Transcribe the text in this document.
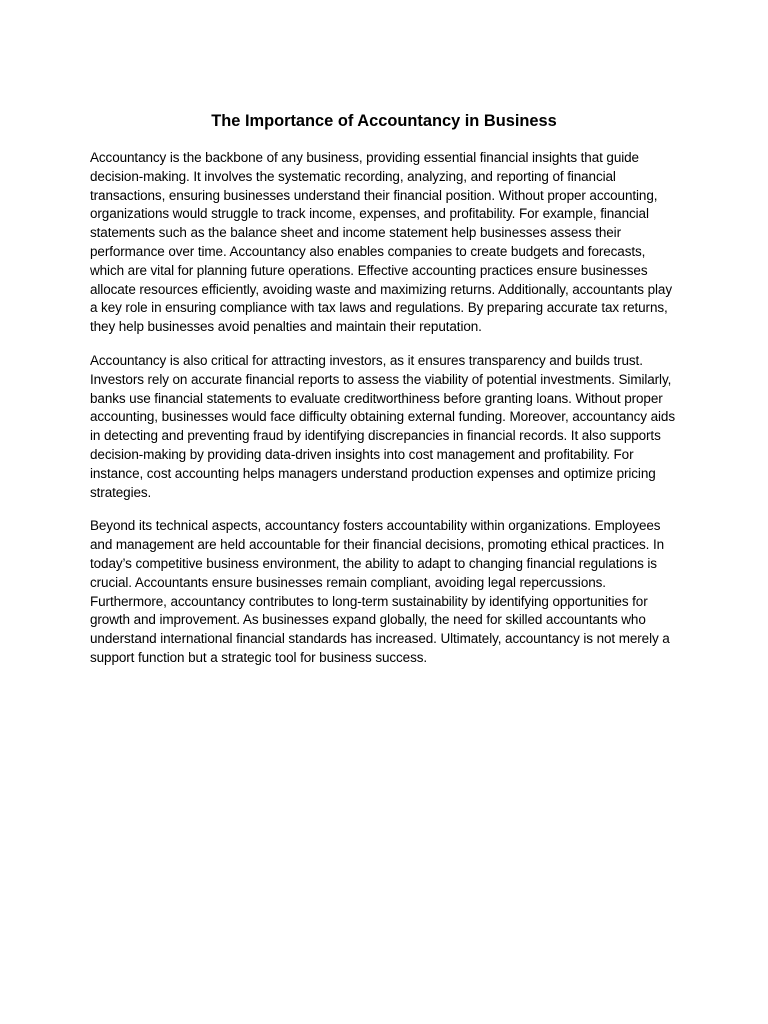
The Importance of Accountancy in Business

Accountancy is the backbone of any business, providing essential financial insights that guide decision-making. It involves the systematic recording, analyzing, and reporting of financial transactions, ensuring businesses understand their financial position. Without proper accounting, organizations would struggle to track income, expenses, and profitability. For example, financial statements such as the balance sheet and income statement help businesses assess their performance over time. Accountancy also enables companies to create budgets and forecasts, which are vital for planning future operations. Effective accounting practices ensure businesses allocate resources efficiently, avoiding waste and maximizing returns. Additionally, accountants play a key role in ensuring compliance with tax laws and regulations. By preparing accurate tax returns, they help businesses avoid penalties and maintain their reputation.

Accountancy is also critical for attracting investors, as it ensures transparency and builds trust. Investors rely on accurate financial reports to assess the viability of potential investments. Similarly, banks use financial statements to evaluate creditworthiness before granting loans. Without proper accounting, businesses would face difficulty obtaining external funding. Moreover, accountancy aids in detecting and preventing fraud by identifying discrepancies in financial records. It also supports decision-making by providing data-driven insights into cost management and profitability. For instance, cost accounting helps managers understand production expenses and optimize pricing strategies.

Beyond its technical aspects, accountancy fosters accountability within organizations. Employees and management are held accountable for their financial decisions, promoting ethical practices. In today’s competitive business environment, the ability to adapt to changing financial regulations is crucial. Accountants ensure businesses remain compliant, avoiding legal repercussions. Furthermore, accountancy contributes to long-term sustainability by identifying opportunities for growth and improvement. As businesses expand globally, the need for skilled accountants who understand international financial standards has increased. Ultimately, accountancy is not merely a support function but a strategic tool for business success.
